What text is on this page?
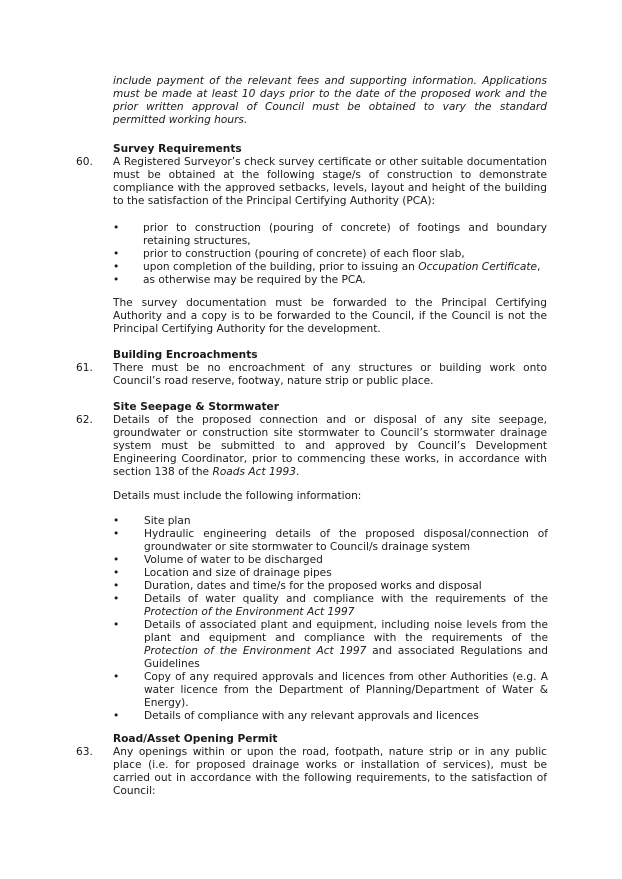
include payment of the relevant fees and supporting information. Applications must be made at least 10 days prior to the date of the proposed work and the prior written approval of Council must be obtained to vary the standard permitted working hours.

Survey Requirements
60. A Registered Surveyor’s check survey certificate or other suitable documentation must be obtained at the following stage/s of construction to demonstrate compliance with the approved setbacks, levels, layout and height of the building to the satisfaction of the Principal Certifying Authority (PCA):

• prior to construction (pouring of concrete) of footings and boundary retaining structures,

• prior to construction (pouring of concrete) of each floor slab,

• upon completion of the building, prior to issuing an Occupation Certificate,

• as otherwise may be required by the PCA.

The survey documentation must be forwarded to the Principal Certifying Authority and a copy is to be forwarded to the Council, if the Council is not the Principal Certifying Authority for the development.

Building Encroachments
61. There must be no encroachment of any structures or building work onto Council’s road reserve, footway, nature strip or public place.

Site Seepage & Stormwater
62. Details of the proposed connection and or disposal of any site seepage, groundwater or construction site stormwater to Council’s stormwater drainage system must be submitted to and approved by Council’s Development Engineering Coordinator, prior to commencing these works, in accordance with section 138 of the Roads Act 1993.

Details must include the following information:

• Site plan

• Hydraulic engineering details of the proposed disposal/connection of groundwater or site stormwater to Council/s drainage system

• Volume of water to be discharged

• Location and size of drainage pipes

• Duration, dates and time/s for the proposed works and disposal

• Details of water quality and compliance with the requirements of the Protection of the Environment Act 1997

• Details of associated plant and equipment, including noise levels from the plant and equipment and compliance with the requirements of the Protection of the Environment Act 1997 and associated Regulations and Guidelines

• Copy of any required approvals and licences from other Authorities (e.g. A water licence from the Department of Planning/Department of Water & Energy).

• Details of compliance with any relevant approvals and licences

Road/Asset Opening Permit
63. Any openings within or upon the road, footpath, nature strip or in any public place (i.e. for proposed drainage works or installation of services), must be carried out in accordance with the following requirements, to the satisfaction of Council:
